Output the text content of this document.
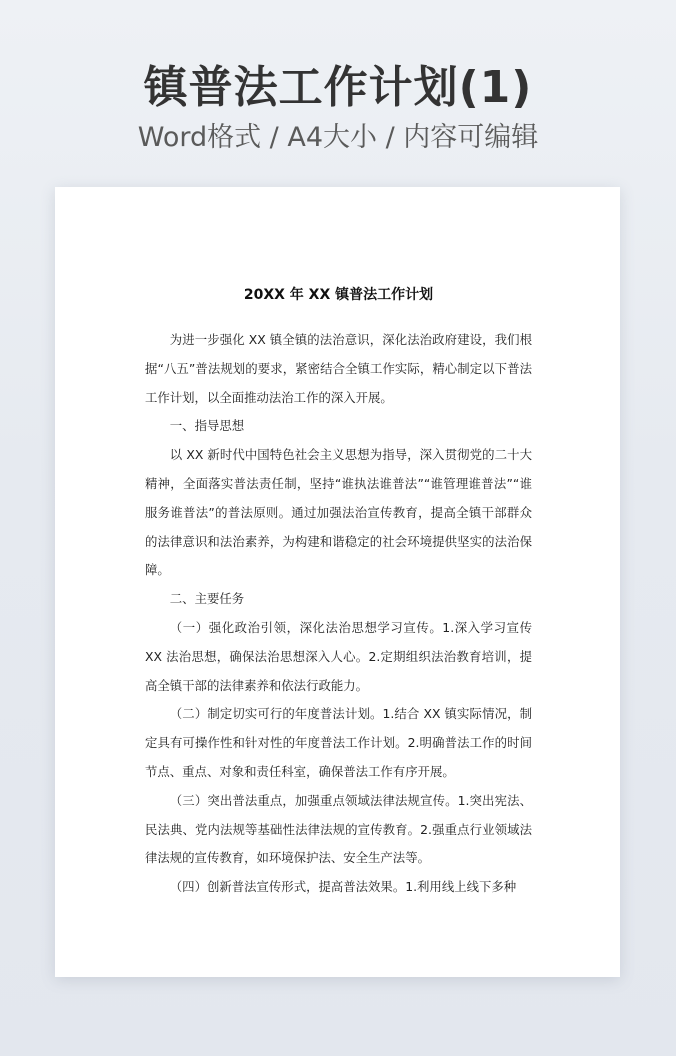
镇普法工作计划(1)
Word格式 / A4大小 / 内容可编辑
20XX 年 XX 镇普法工作计划

为进一步强化 XX 镇全镇的法治意识，深化法治政府建设，我们根据“八五”普法规划的要求，紧密结合全镇工作实际，精心制定以下普法工作计划，以全面推动法治工作的深入开展。

一、指导思想

以 XX 新时代中国特色社会主义思想为指导，深入贯彻党的二十大精神，全面落实普法责任制，坚持“谁执法谁普法”“谁管理谁普法”“谁服务谁普法”的普法原则。通过加强法治宣传教育，提高全镇干部群众的法律意识和法治素养，为构建和谐稳定的社会环境提供坚实的法治保障。

二、主要任务

（一）强化政治引领，深化法治思想学习宣传。1.深入学习宣传 XX 法治思想，确保法治思想深入人心。2.定期组织法治教育培训，提高全镇干部的法律素养和依法行政能力。

（二）制定切实可行的年度普法计划。1.结合 XX 镇实际情况，制定具有可操作性和针对性的年度普法工作计划。2.明确普法工作的时间节点、重点、对象和责任科室，确保普法工作有序开展。

（三）突出普法重点，加强重点领域法律法规宣传。1.突出宪法、民法典、党内法规等基础性法律法规的宣传教育。2.强重点行业领域法律法规的宣传教育，如环境保护法、安全生产法等。

（四）创新普法宣传形式，提高普法效果。1.利用线上线下多种
